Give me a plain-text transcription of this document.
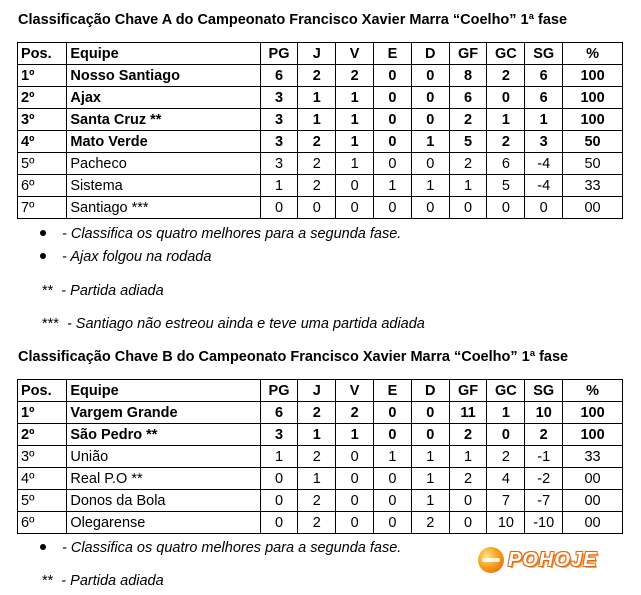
Classificação Chave A do Campeonato Francisco Xavier Marra “Coelho” 1ª fase
Pos.	Equipe	PG	J	V	E	D	GF	GC	SG	%
1º	Nosso Santiago	6	2	2	0	0	8	2	6	100
2º	Ajax	3	1	1	0	0	6	0	6	100
3º	Santa Cruz **	3	1	1	0	0	2	1	1	100
4º	Mato Verde	3	2	1	0	1	5	2	3	50
5º	Pacheco	3	2	1	0	0	2	6	-4	50
6º	Sistema	1	2	0	1	1	1	5	-4	33
7º	Santiago ***	0	0	0	0	0	0	0	0	00
- Classifica os quatro melhores para a segunda fase.
- Ajax folgou na rodada
** - Partida adiada
*** - Santiago não estreou ainda e teve uma partida adiada
Classificação Chave B do Campeonato Francisco Xavier Marra “Coelho” 1ª fase
Pos.	Equipe	PG	J	V	E	D	GF	GC	SG	%
1º	Vargem Grande	6	2	2	0	0	11	1	10	100
2º	São Pedro **	3	1	1	0	0	2	0	2	100
3º	União	1	2	0	1	1	1	2	-1	33
4º	Real P.O **	0	1	0	0	1	2	4	-2	00
5º	Donos da Bola	0	2	0	0	1	0	7	-7	00
6º	Olegarense	0	2	0	0	2	0	10	-10	00
- Classifica os quatro melhores para a segunda fase.
** - Partida adiada
POHOJE
